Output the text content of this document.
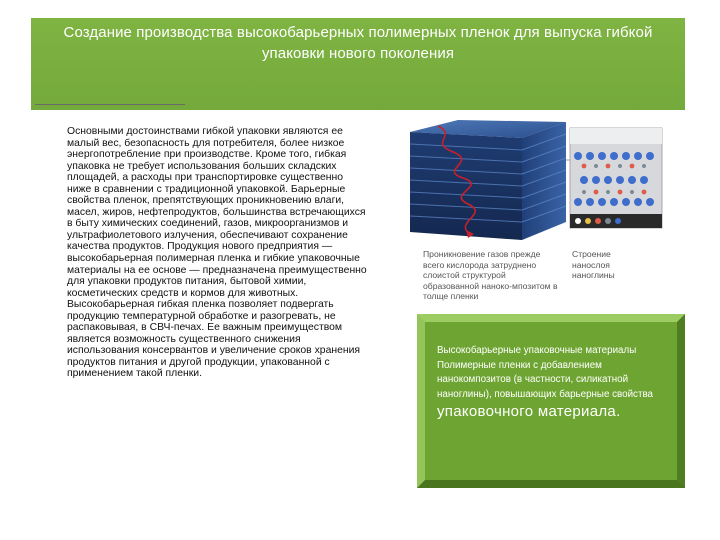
Создание производства высокобарьерных полимерных пленок для выпуска гибкой упаковки нового поколения
Основными достоинствами гибкой упаковки являются ее малый вес, безопасность для потребителя, более низкое энергопотребление при производстве. Кроме того, гибкая упаковка не требует использования больших складских площадей, а расходы при транспортировке существенно ниже в сравнении с традиционной упаковкой. Барьерные свойства пленок, препятствующих проникновению влаги, масел, жиров, нефтепродуктов, большинства встречающихся в быту химических соединений, газов, микроорганизмов и ультрафиолетового излучения, обеспечивают сохранение качества продуктов. Продукция нового предприятия — высокобарьерная полимерная пленка и гибкие упаковочные материалы на ее основе — предназначена преимущественно для упаковки продуктов питания, бытовой химии, косметических средств и кормов для животных. Высокобарьерная гибкая пленка позволяет подвергать продукцию температурной обработке и разогревать, не распаковывая, в СВЧ-печах. Ее важным преимуществом является возможность существенного снижения использования консервантов и увеличение сроков хранения продуктов питания и другой продукции, упакованной с применением такой пленки.
Проникновение газов прежде всего кислорода затруднено слоистой структурой образованной наноко-мпозитом в толще пленки
Строение нанослоя наноглины
Высокобарьерные упаковочные материалы
Полимерные пленки с добавлением нанокомпозитов (в частности, силикатной наноглины), повышающих барьерные свойства упаковочного материала.
